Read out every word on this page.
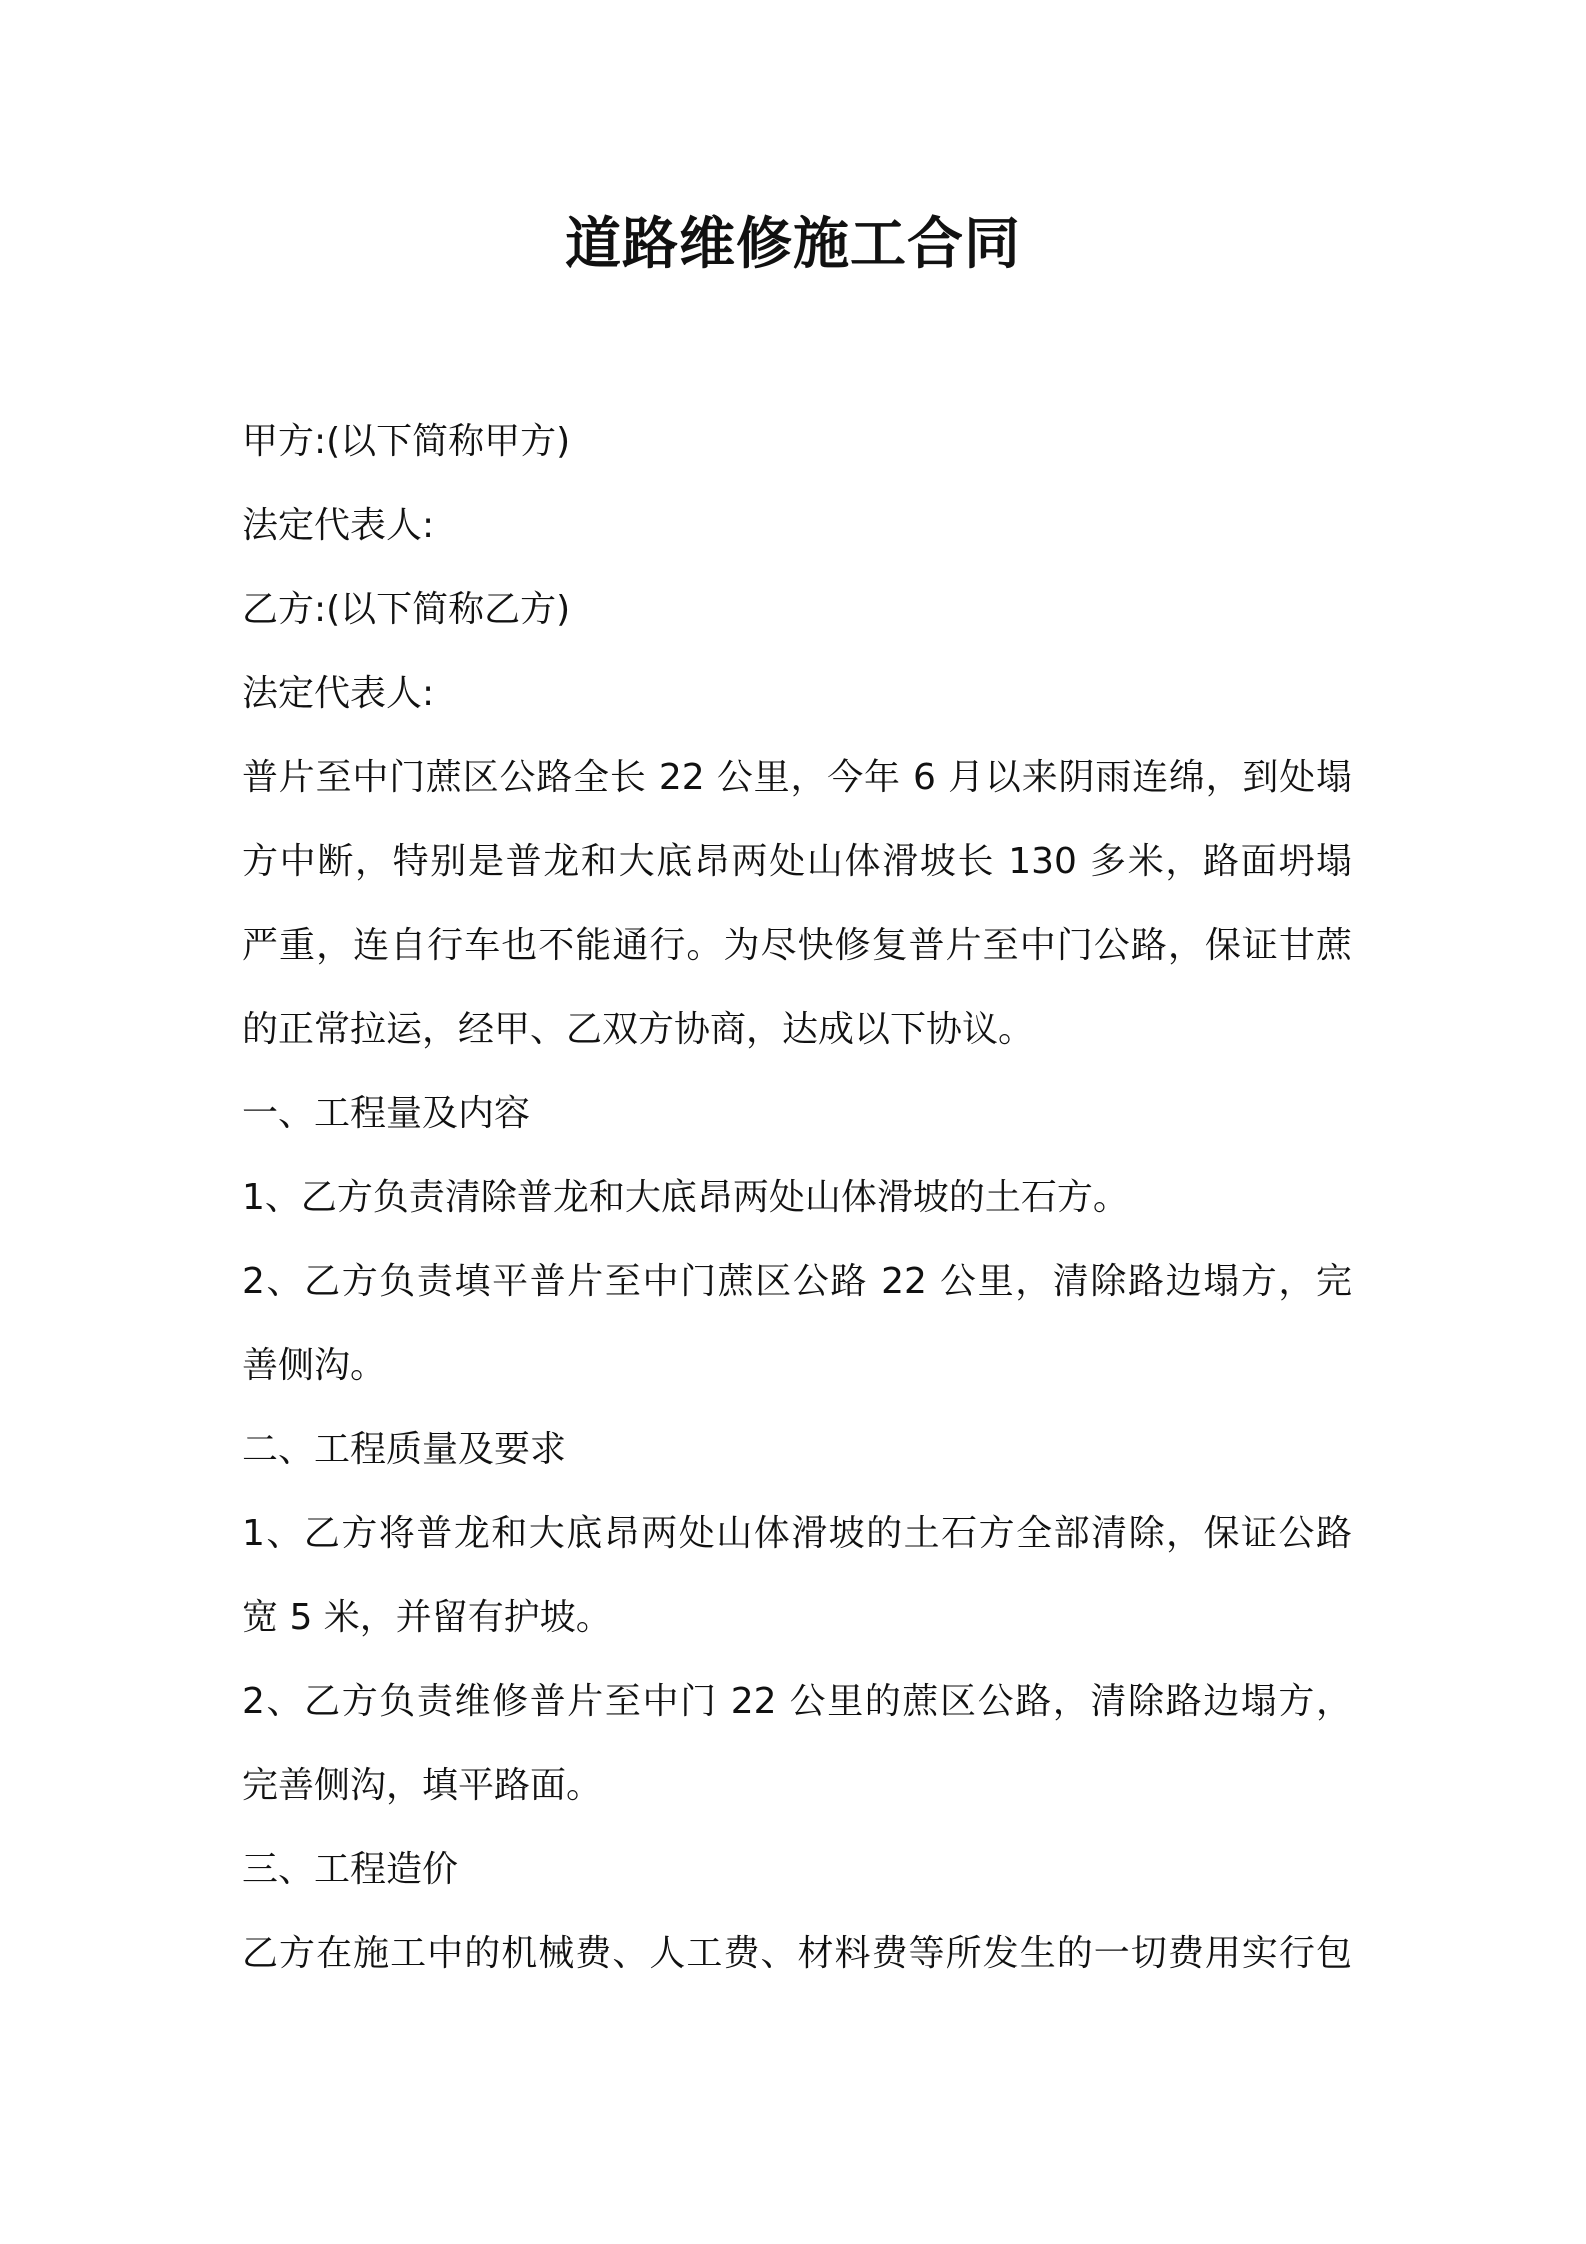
道路维修施工合同
甲方:(以下简称甲方)
法定代表人:
乙方:(以下简称乙方)
法定代表人:
普片至中门蔗区公路全长 22 公里，今年 6 月以来阴雨连绵，到处塌
方中断，特别是普龙和大底昂两处山体滑坡长 130 多米，路面坍塌
严重，连自行车也不能通行。为尽快修复普片至中门公路，保证甘蔗
的正常拉运，经甲、乙双方协商，达成以下协议。
一、工程量及内容
1、乙方负责清除普龙和大底昂两处山体滑坡的土石方。
2、乙方负责填平普片至中门蔗区公路 22 公里，清除路边塌方，完
善侧沟。
二、工程质量及要求
1、乙方将普龙和大底昂两处山体滑坡的土石方全部清除，保证公路
宽 5 米，并留有护坡。
2、乙方负责维修普片至中门 22 公里的蔗区公路，清除路边塌方，
完善侧沟，填平路面。
三、工程造价
乙方在施工中的机械费、人工费、材料费等所发生的一切费用实行包
